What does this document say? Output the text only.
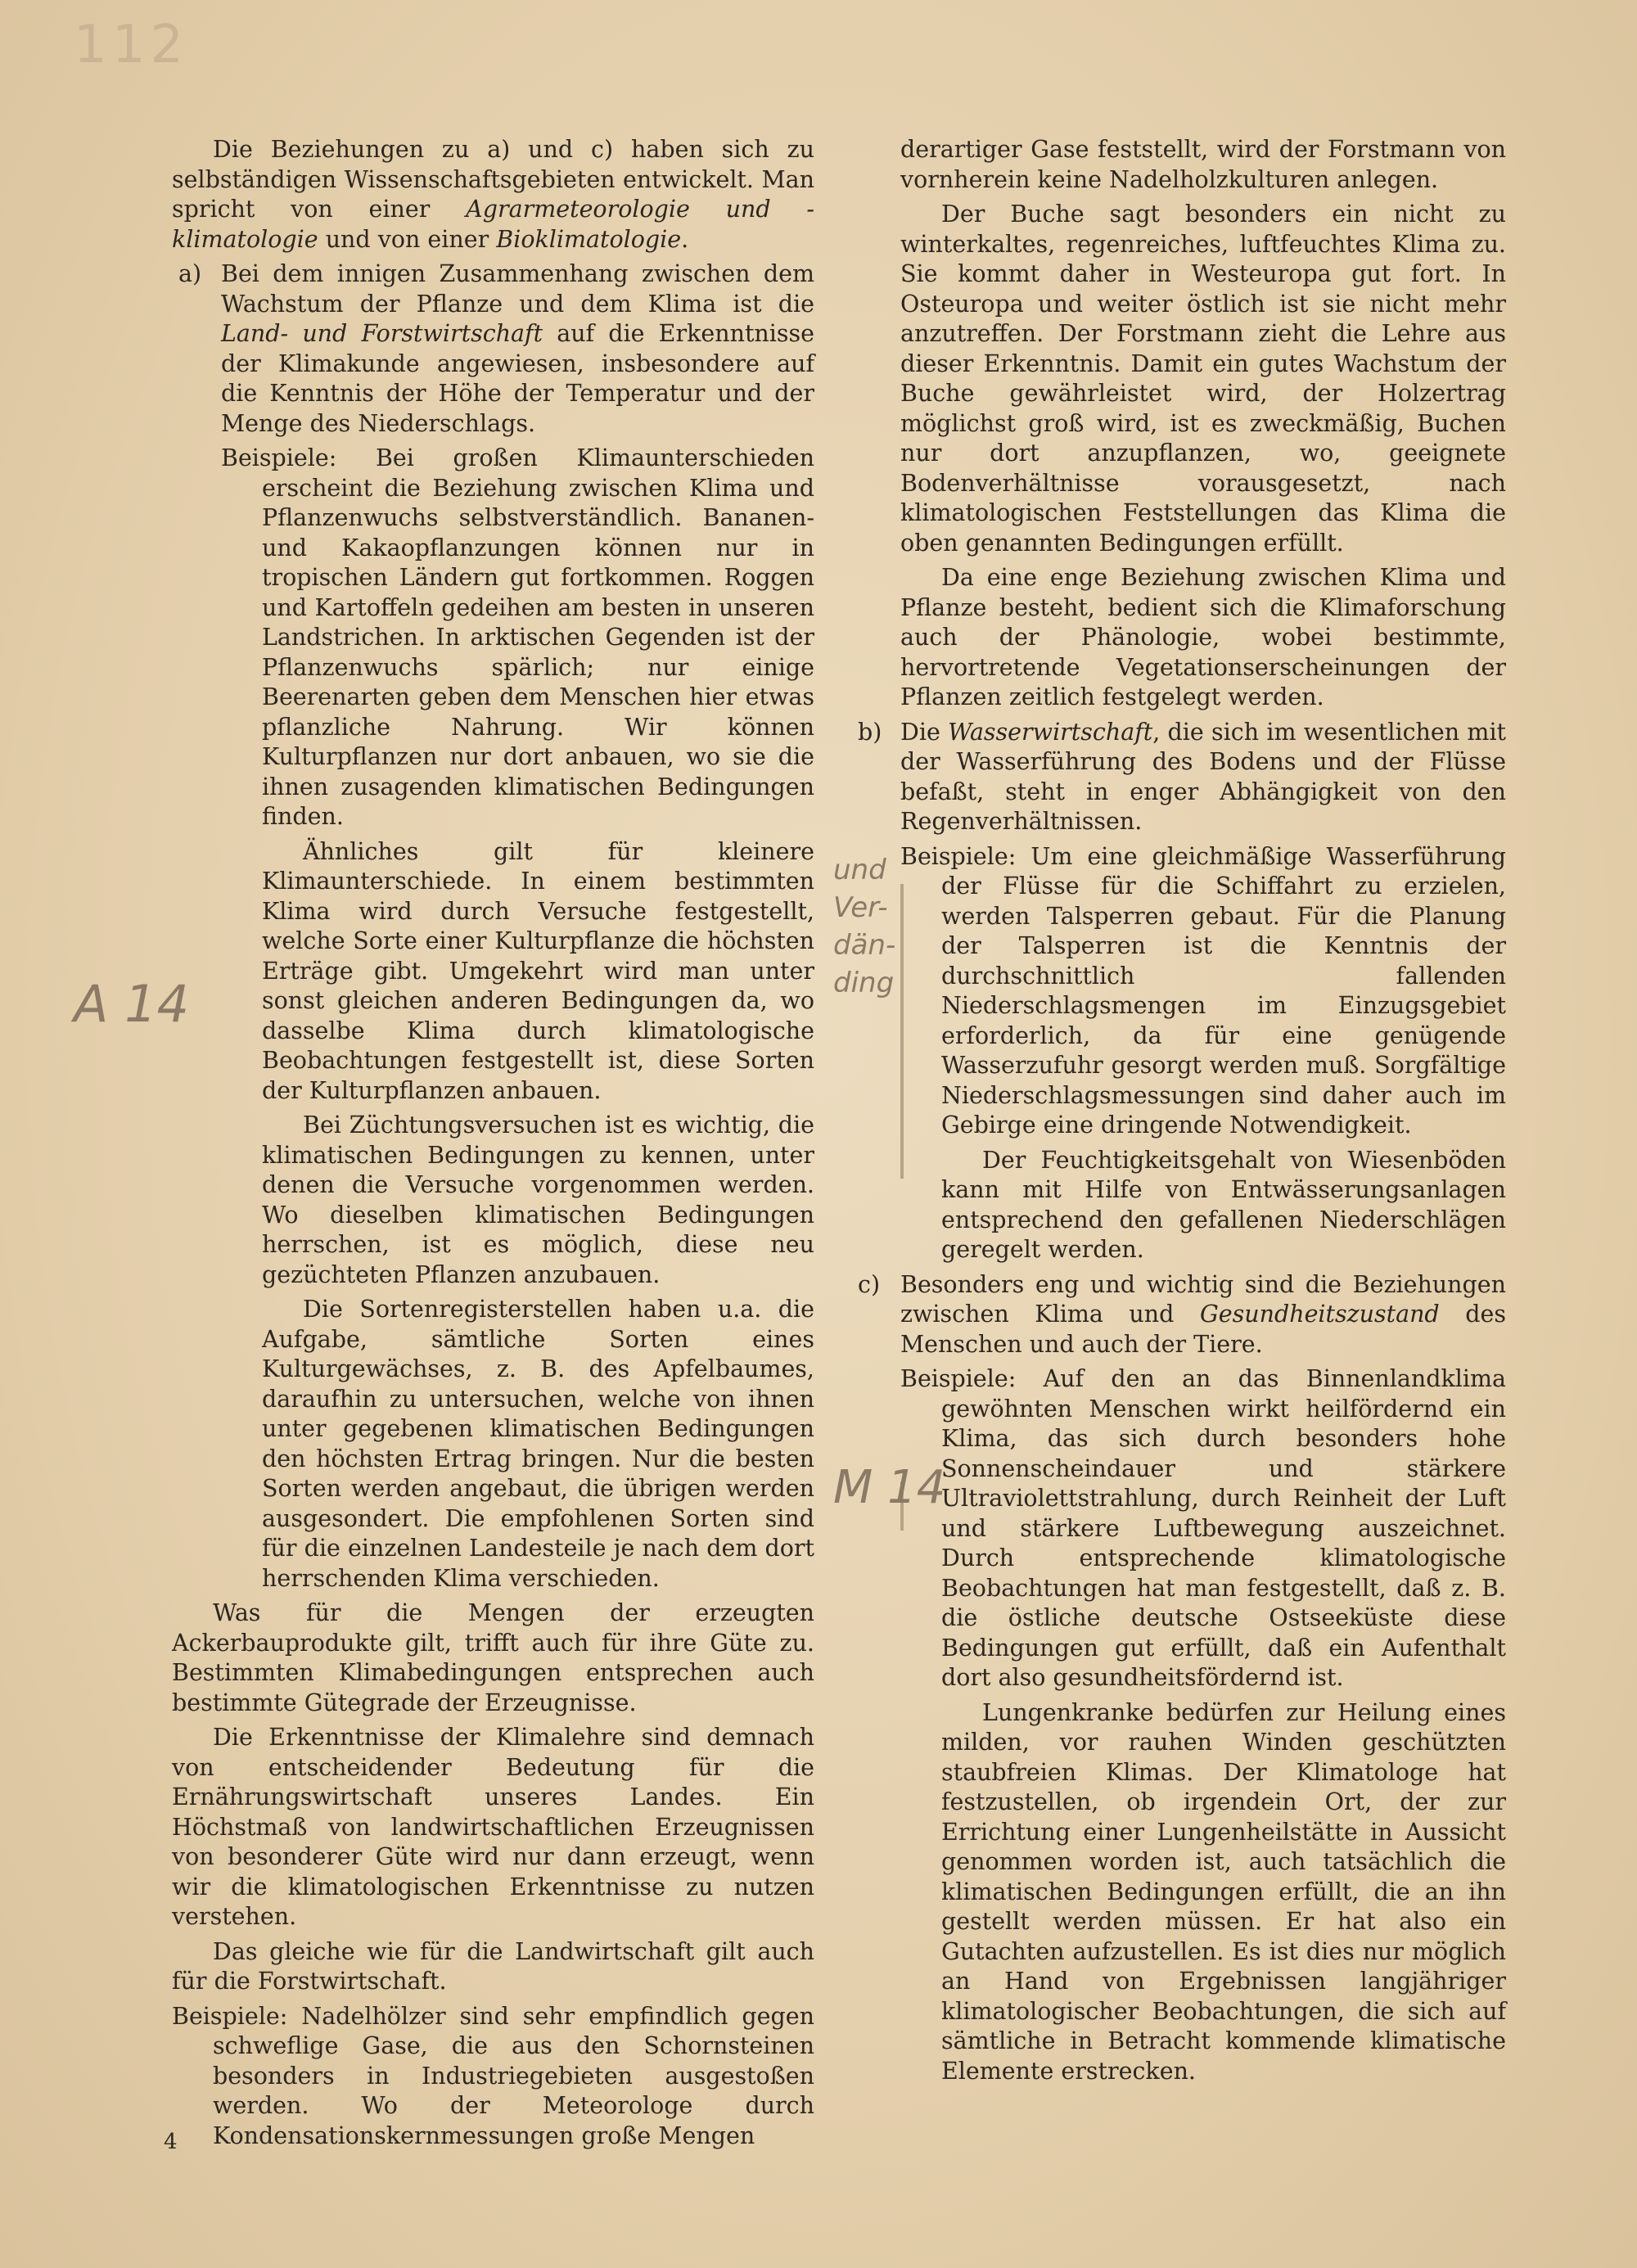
112
A 14
und Ver- dän- ding
M 14

Die Beziehungen zu a) und c) haben sich zu selbständigen Wissenschaftsgebieten entwickelt. Man spricht von einer Agrarmeteorologie und -klimatologie und von einer Bioklimatologie.

a) Bei dem innigen Zusammenhang zwischen dem Wachstum der Pflanze und dem Klima ist die Land- und Forstwirtschaft auf die Erkenntnisse der Klimakunde angewiesen, insbesondere auf die Kenntnis der Höhe der Temperatur und der Menge des Niederschlags.

Beispiele: Bei großen Klimaunterschieden erscheint die Beziehung zwischen Klima und Pflanzenwuchs selbstverständlich. Bananen- und Kakaopflanzungen können nur in tropischen Ländern gut fortkommen. Roggen und Kartoffeln gedeihen am besten in unseren Landstrichen. In arktischen Gegenden ist der Pflanzenwuchs spärlich; nur einige Beerenarten geben dem Menschen hier etwas pflanzliche Nahrung. Wir können Kulturpflanzen nur dort anbauen, wo sie die ihnen zusagenden klimatischen Bedingungen finden.

Ähnliches gilt für kleinere Klimaunterschiede. In einem bestimmten Klima wird durch Versuche festgestellt, welche Sorte einer Kulturpflanze die höchsten Erträge gibt. Umgekehrt wird man unter sonst gleichen anderen Bedingungen da, wo dasselbe Klima durch klimatologische Beobachtungen festgestellt ist, diese Sorten der Kulturpflanzen anbauen.

Bei Züchtungsversuchen ist es wichtig, die klimatischen Bedingungen zu kennen, unter denen die Versuche vorgenommen werden. Wo dieselben klimatischen Bedingungen herrschen, ist es möglich, diese neu gezüchteten Pflanzen anzubauen.

Die Sortenregisterstellen haben u.a. die Aufgabe, sämtliche Sorten eines Kulturgewächses, z. B. des Apfelbaumes, daraufhin zu untersuchen, welche von ihnen unter gegebenen klimatischen Bedingungen den höchsten Ertrag bringen. Nur die besten Sorten werden angebaut, die übrigen werden ausgesondert. Die empfohlenen Sorten sind für die einzelnen Landesteile je nach dem dort herrschenden Klima verschieden.

Was für die Mengen der erzeugten Ackerbauprodukte gilt, trifft auch für ihre Güte zu. Bestimmten Klimabedingungen entsprechen auch bestimmte Gütegrade der Erzeugnisse.

Die Erkenntnisse der Klimalehre sind demnach von entscheidender Bedeutung für die Ernährungswirtschaft unseres Landes. Ein Höchstmaß von landwirtschaftlichen Erzeugnissen von besonderer Güte wird nur dann erzeugt, wenn wir die klimatologischen Erkenntnisse zu nutzen verstehen.

Das gleiche wie für die Landwirtschaft gilt auch für die Forstwirtschaft.

Beispiele: Nadelhölzer sind sehr empfindlich gegen schweflige Gase, die aus den Schornsteinen besonders in Industriegebieten ausgestoßen werden. Wo der Meteorologe durch Kondensationskernmessungen große Mengen

derartiger Gase feststellt, wird der Forstmann von vornherein keine Nadelholzkulturen anlegen.

Der Buche sagt besonders ein nicht zu winterkaltes, regenreiches, luftfeuchtes Klima zu. Sie kommt daher in Westeuropa gut fort. In Osteuropa und weiter östlich ist sie nicht mehr anzutreffen. Der Forstmann zieht die Lehre aus dieser Erkenntnis. Damit ein gutes Wachstum der Buche gewährleistet wird, der Holzertrag möglichst groß wird, ist es zweckmäßig, Buchen nur dort anzupflanzen, wo, geeignete Bodenverhältnisse vorausgesetzt, nach klimatologischen Feststellungen das Klima die oben genannten Bedingungen erfüllt.

Da eine enge Beziehung zwischen Klima und Pflanze besteht, bedient sich die Klimaforschung auch der Phänologie, wobei bestimmte, hervortretende Vegetationserscheinungen der Pflanzen zeitlich festgelegt werden.

b) Die Wasserwirtschaft, die sich im wesentlichen mit der Wasserführung des Bodens und der Flüsse befaßt, steht in enger Abhängigkeit von den Regenverhältnissen.

Beispiele: Um eine gleichmäßige Wasserführung der Flüsse für die Schiffahrt zu erzielen, werden Talsperren gebaut. Für die Planung der Talsperren ist die Kenntnis der durchschnittlich fallenden Niederschlagsmengen im Einzugsgebiet erforderlich, da für eine genügende Wasserzufuhr gesorgt werden muß. Sorgfältige Niederschlagsmessungen sind daher auch im Gebirge eine dringende Notwendigkeit.

Der Feuchtigkeitsgehalt von Wiesenböden kann mit Hilfe von Entwässerungsanlagen entsprechend den gefallenen Niederschlägen geregelt werden.

c) Besonders eng und wichtig sind die Beziehungen zwischen Klima und Gesundheitszustand des Menschen und auch der Tiere.

Beispiele: Auf den an das Binnenlandklima gewöhnten Menschen wirkt heilfördernd ein Klima, das sich durch besonders hohe Sonnenscheindauer und stärkere Ultraviolettstrahlung, durch Reinheit der Luft und stärkere Luftbewegung auszeichnet. Durch entsprechende klimatologische Beobachtungen hat man festgestellt, daß z. B. die östliche deutsche Ostseeküste diese Bedingungen gut erfüllt, daß ein Aufenthalt dort also gesundheitsfördernd ist.

Lungenkranke bedürfen zur Heilung eines milden, vor rauhen Winden geschützten staubfreien Klimas. Der Klimatologe hat festzustellen, ob irgendein Ort, der zur Errichtung einer Lungenheilstätte in Aussicht genommen worden ist, auch tatsächlich die klimatischen Bedingungen erfüllt, die an ihn gestellt werden müssen. Er hat also ein Gutachten aufzustellen. Es ist dies nur möglich an Hand von Ergebnissen langjähriger klimatologischer Beobachtungen, die sich auf sämtliche in Betracht kommende klimatische Elemente erstrecken.

4
